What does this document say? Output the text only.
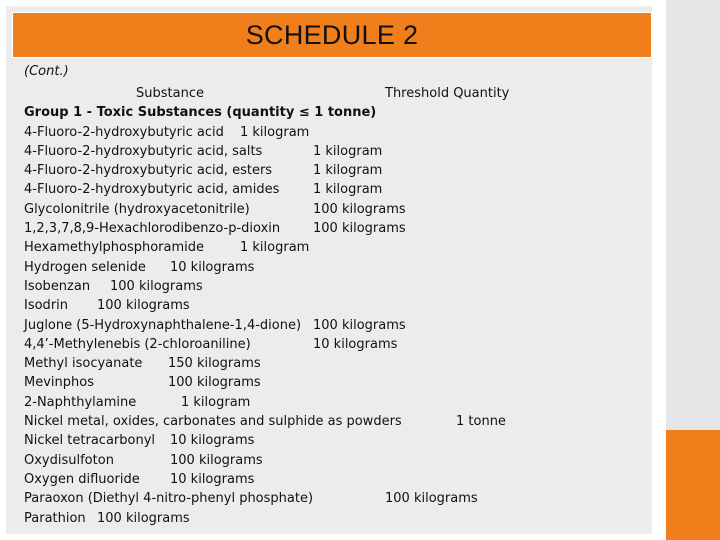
SCHEDULE 2
(Cont.)
Substance	Threshold Quantity
Group 1 - Toxic Substances (quantity ≤ 1 tonne)
4-Fluoro-2-hydroxybutyric acid 1 kilogram
4-Fluoro-2-hydroxybutyric acid, salts	1 kilogram
4-Fluoro-2-hydroxybutyric acid, esters	1 kilogram
4-Fluoro-2-hydroxybutyric acid, amides	1 kilogram
Glycolonitrile (hydroxyacetonitrile)	100 kilograms
1,2,3,7,8,9-Hexachlorodibenzo-p-dioxin	100 kilograms
Hexamethylphosphoramide	1 kilogram
Hydrogen selenide 10 kilograms
Isobenzan 100 kilograms
Isodrin 100 kilograms
Juglone (5-Hydroxynaphthalene-1,4-dione) 100 kilograms
4,4’-Methylenebis (2-chloroaniline)	10 kilograms
Methyl isocyanate 150 kilograms
Mevinphos	100 kilograms
2-Naphthylamine	1 kilogram
Nickel metal, oxides, carbonates and sulphide as powders	1 tonne
Nickel tetracarbonyl 10 kilograms
Oxydisulfoton	100 kilograms
Oxygen difluoride 10 kilograms
Paraoxon (Diethyl 4-nitro-phenyl phosphate)	100 kilograms
Parathion 100 kilograms
